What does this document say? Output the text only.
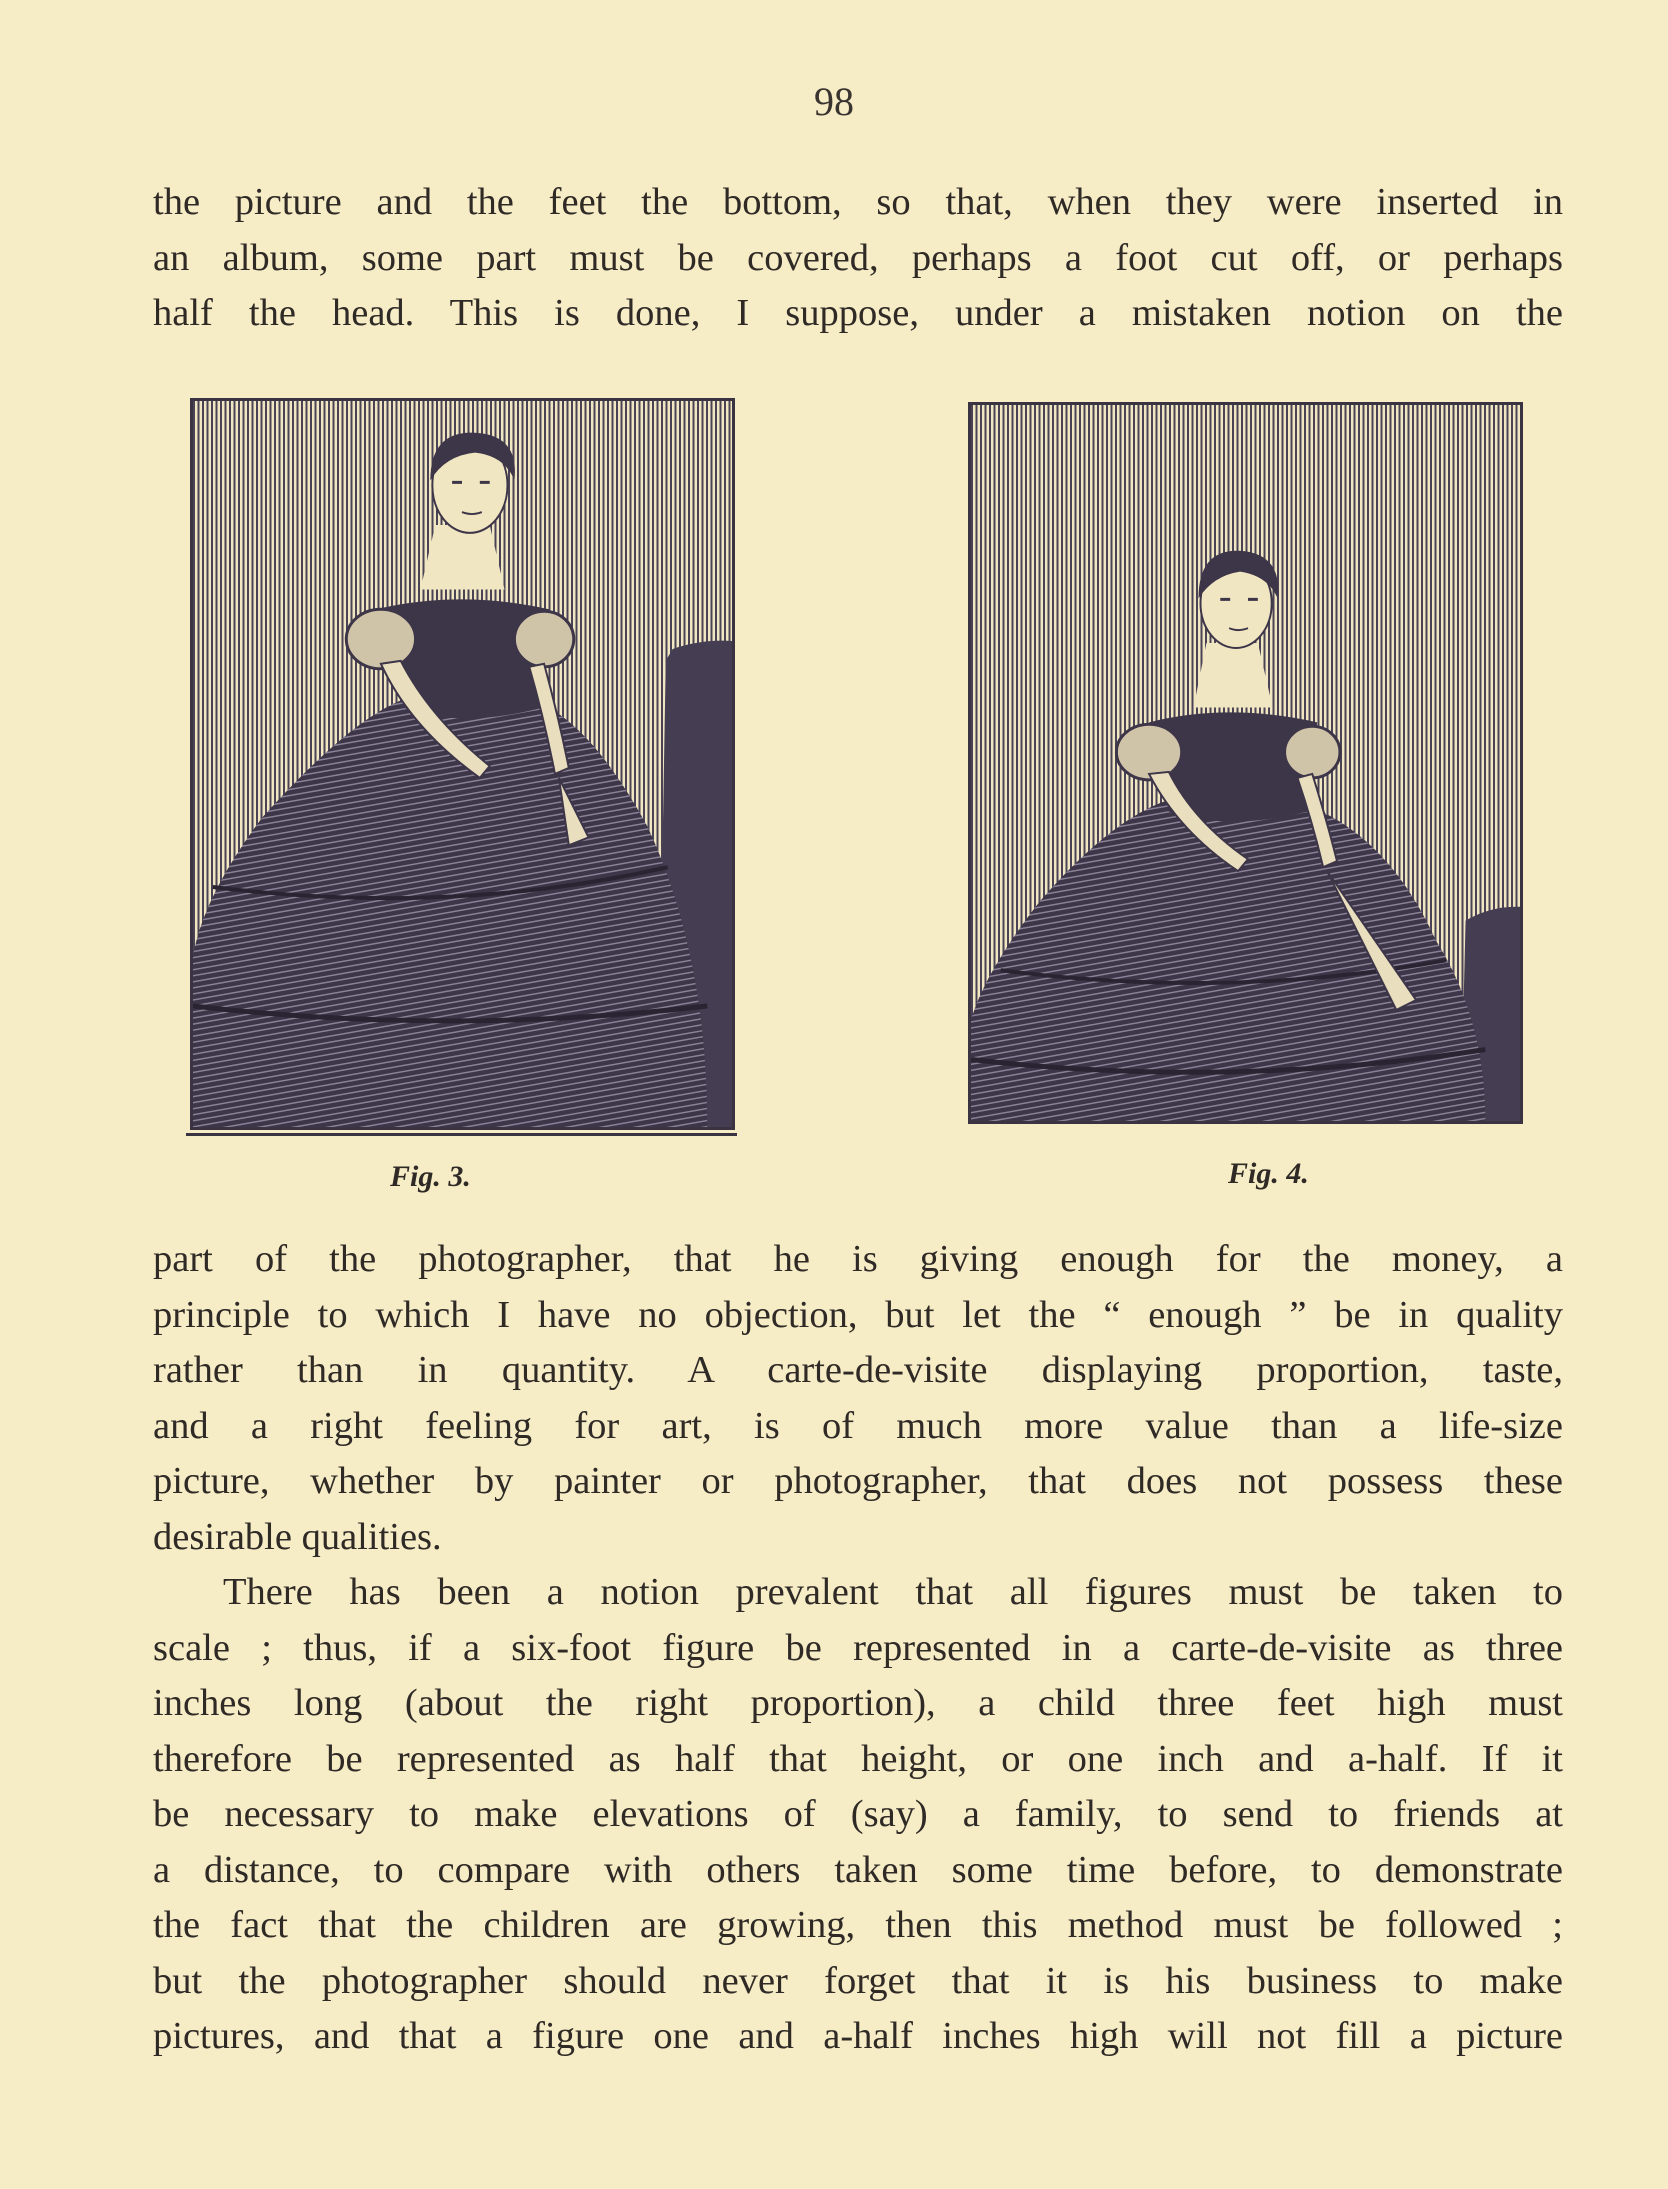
98
the picture and the feet the bottom, so that, when they were inserted in
an album, some part must be covered, perhaps a foot cut off, or perhaps
half the head. This is done, I suppose, under a mistaken notion on the
Fig. 3.	Fig. 4.

part of the photographer, that he is giving enough for the money, a
principle to which I have no objection, but let the “ enough ” be in quality
rather than in quantity. A carte-de-visite displaying proportion, taste,
and a right feeling for art, is of much more value than a life-size
picture, whether by painter or photographer, that does not possess these
desirable qualities.

There has been a notion prevalent that all figures must be taken to
scale ; thus, if a six-foot figure be represented in a carte-de-visite as three
inches long (about the right proportion), a child three feet high must
therefore be represented as half that height, or one inch and a-half. If it
be necessary to make elevations of (say) a family, to send to friends at
a distance, to compare with others taken some time before, to demonstrate
the fact that the children are growing, then this method must be followed ;
but the photographer should never forget that it is his business to make
pictures, and that a figure one and a-half inches high will not fill a picture
